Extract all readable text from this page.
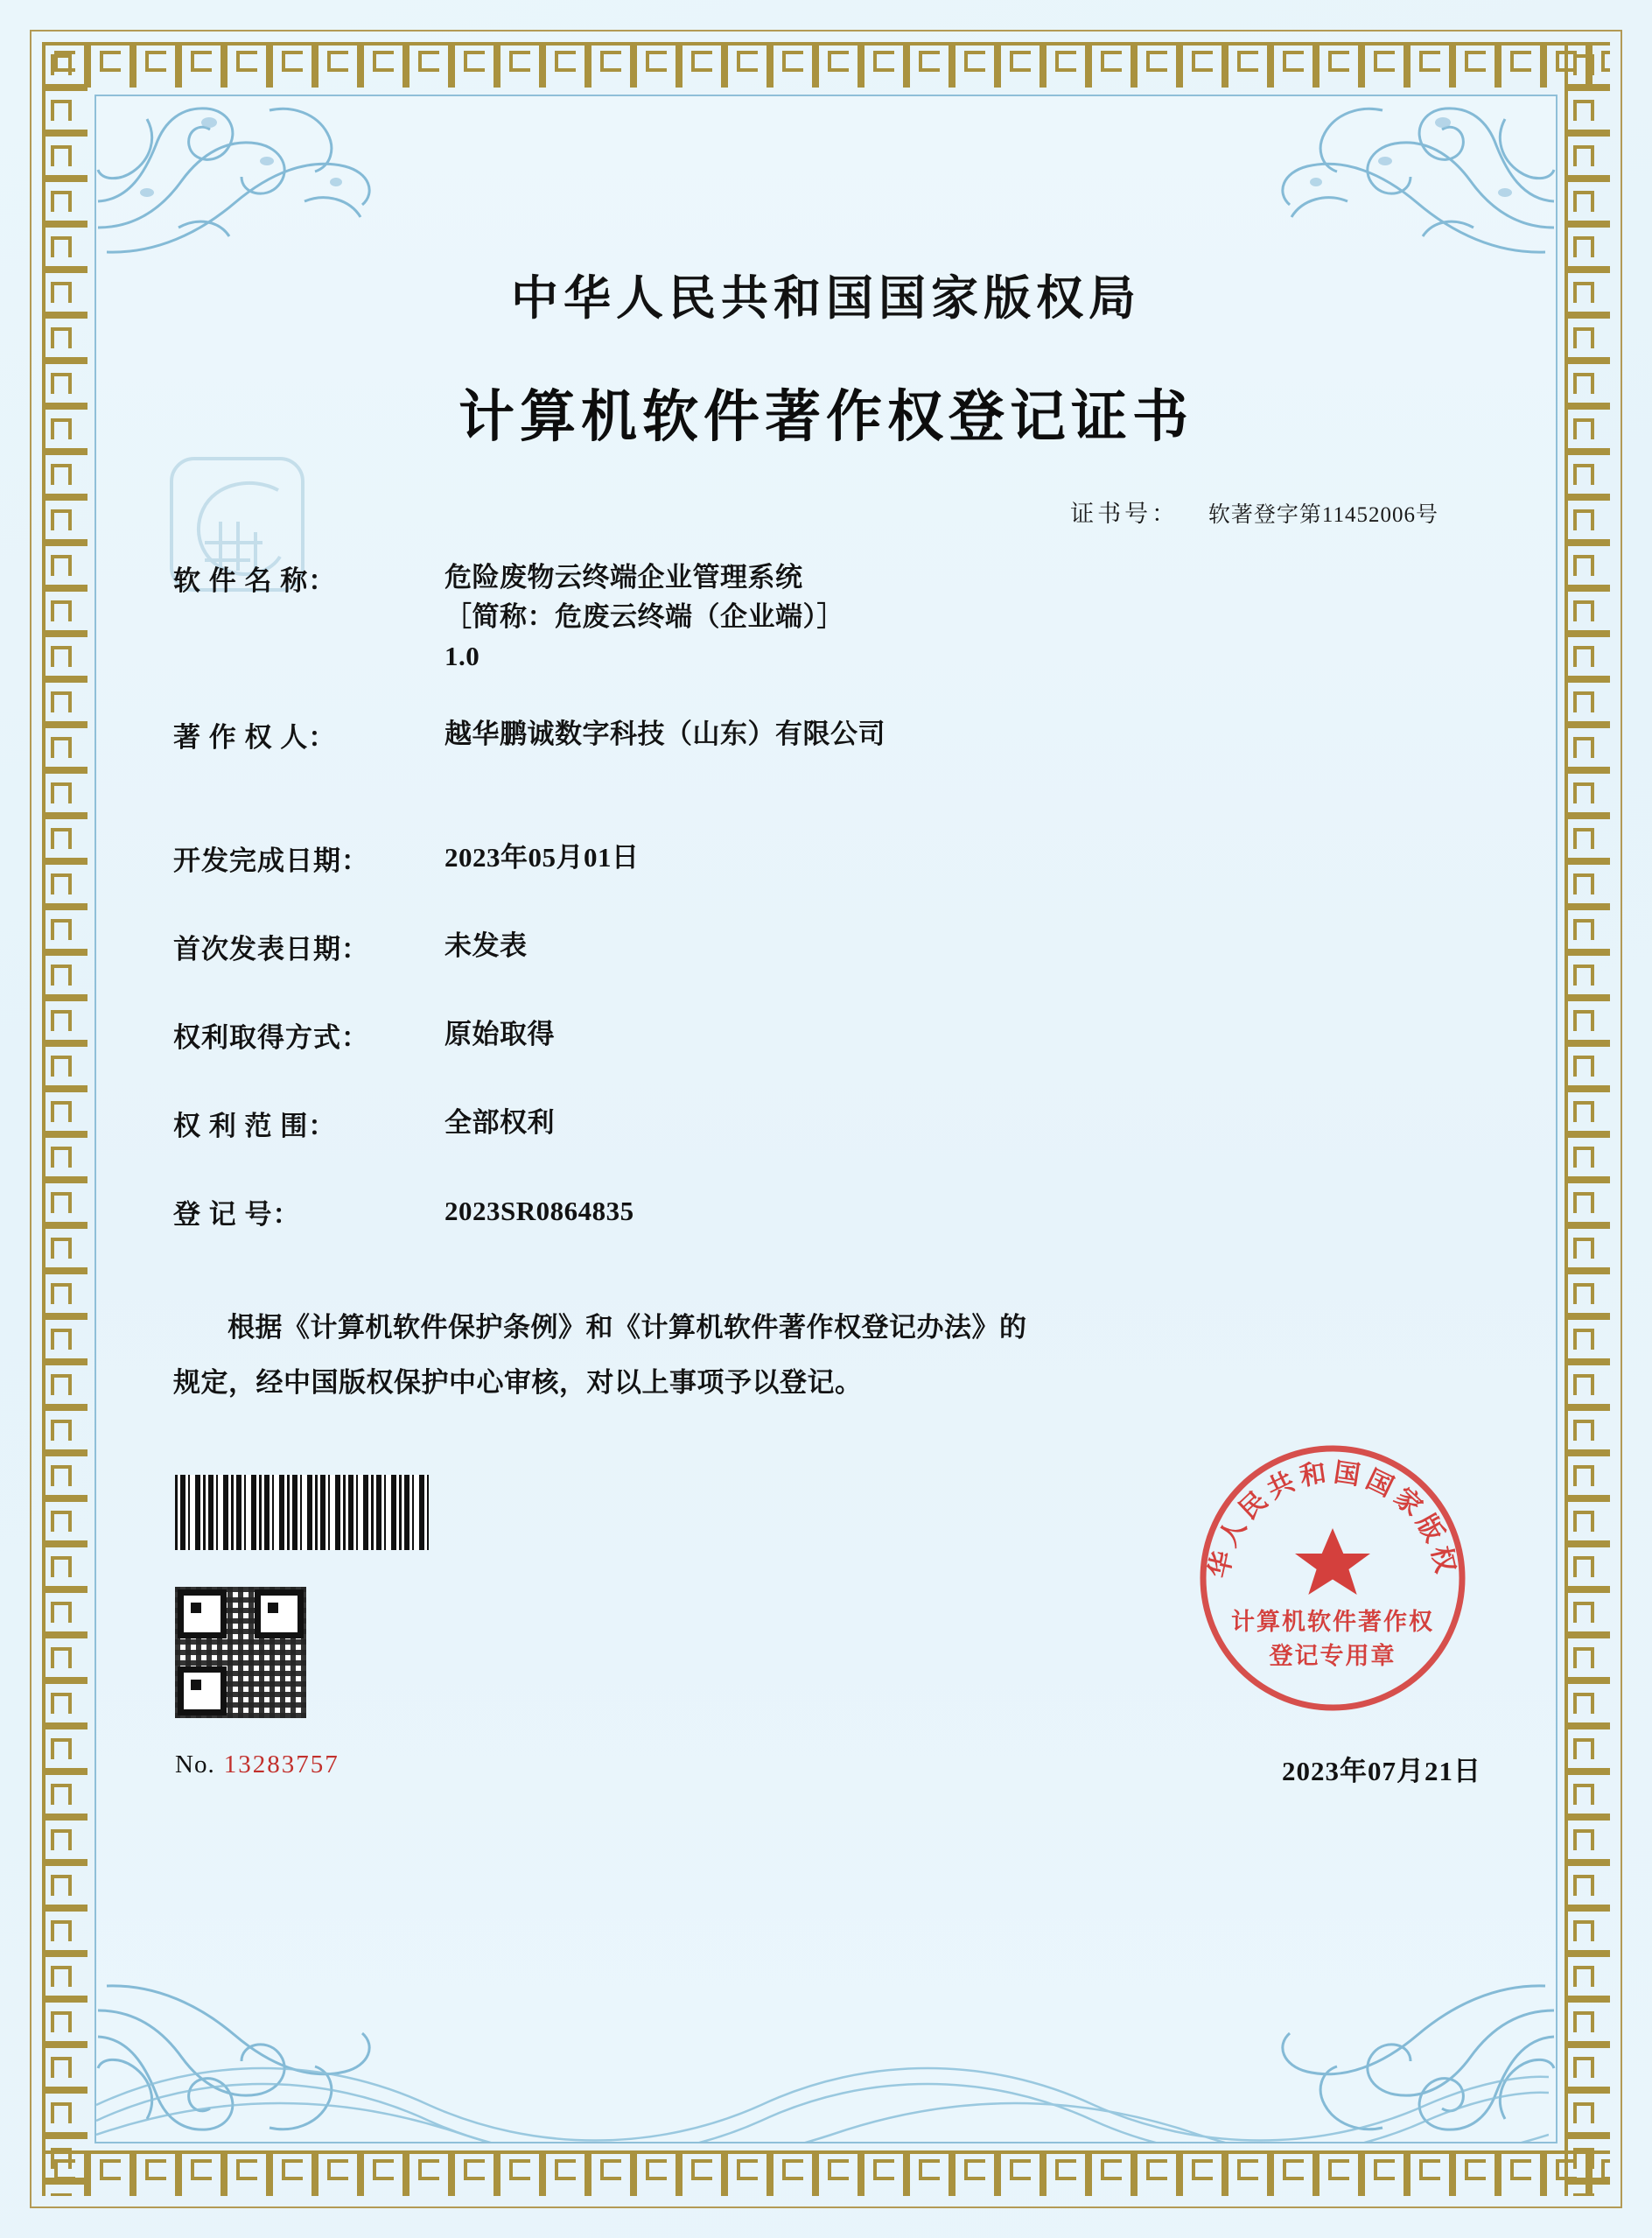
中华人民共和国国家版权局
计算机软件著作权登记证书
证书号： 软著登字第11452006号
软 件 名 称：	危险废物云终端企业管理系统
［简称：危废云终端（企业端）］
1.0
著 作 权 人：	越华鹏诚数字科技（山东）有限公司
开发完成日期：	2023年05月01日
首次发表日期：	未发表
权利取得方式：	原始取得
权 利 范 围：	全部权利
登 记 号：	2023SR0864835
根据《计算机软件保护条例》和《计算机软件著作权登记办法》的
规定，经中国版权保护中心审核，对以上事项予以登记。
No. 13283757	2023年07月21日
华人民共和国国家版权
计算机软件著作权
登记专用章
